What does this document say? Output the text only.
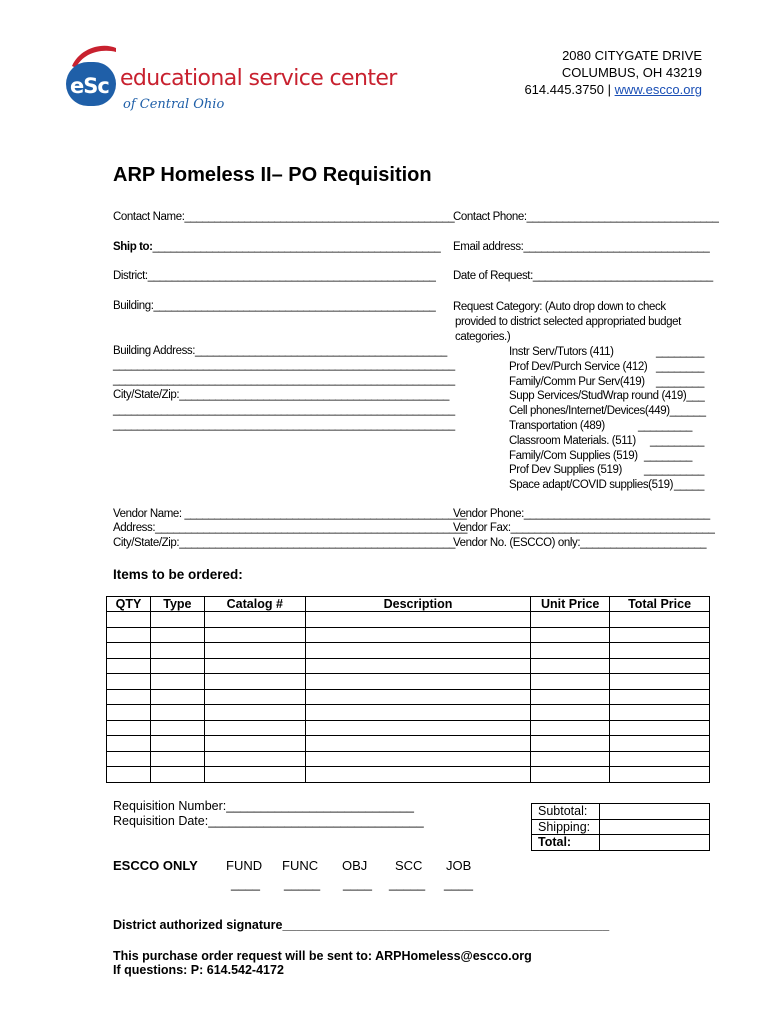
eSc educational service center
of Central Ohio
2080 CITYGATE DRIVE
COLUMBUS, OH 43219
614.445.3750 | www.escco.org
ARP Homeless II– PO Requisition
Contact Name:_____________________________________________
Ship to:________________________________________________
District:________________________________________________
Building:_______________________________________________
Building Address:__________________________________________
_________________________________________________________
_________________________________________________________
City/State/Zip:_____________________________________________
_________________________________________________________
_________________________________________________________
Contact Phone:________________________________
Email address:_______________________________
Date of Request:______________________________
Request Category: (Auto drop down to check
provided to district selected appropriated budget
categories.)
Instr Serv/Tutors (411)	________
Prof Dev/Purch Service (412) ________
Family/Comm Pur Serv(419) ________
Supp Services/StudWrap round (419) ___
Cell phones/Internet/Devices(449) ______
Transportation (489)	_________
Classroom Materials. (511) _________
Family/Com Supplies (519) ________
Prof Dev Supplies (519) __________
Space adapt/COVID supplies(519) _____
Vendor Name: _______________________________________________
Address:____________________________________________________
City/State/Zip:______________________________________________
Vendor Phone:_______________________________
Vendor Fax:__________________________________
Vendor No. (ESCCO) only:_____________________
Items to be ordered:
QTY	Type	Catalog #	Description	Unit Price	Total Price

Requisition Number:___________________________
Requisition Date:_______________________________
Subtotal:	
Shipping:	
Total:	
ESCCO ONLY FUND FUNC OBJ SCC JOB
____ _____ ____ _____ ____
District authorized signature_______________________________________________
This purchase order request will be sent to: ARPHomeless@escco.org
If questions: P: 614.542-4172
